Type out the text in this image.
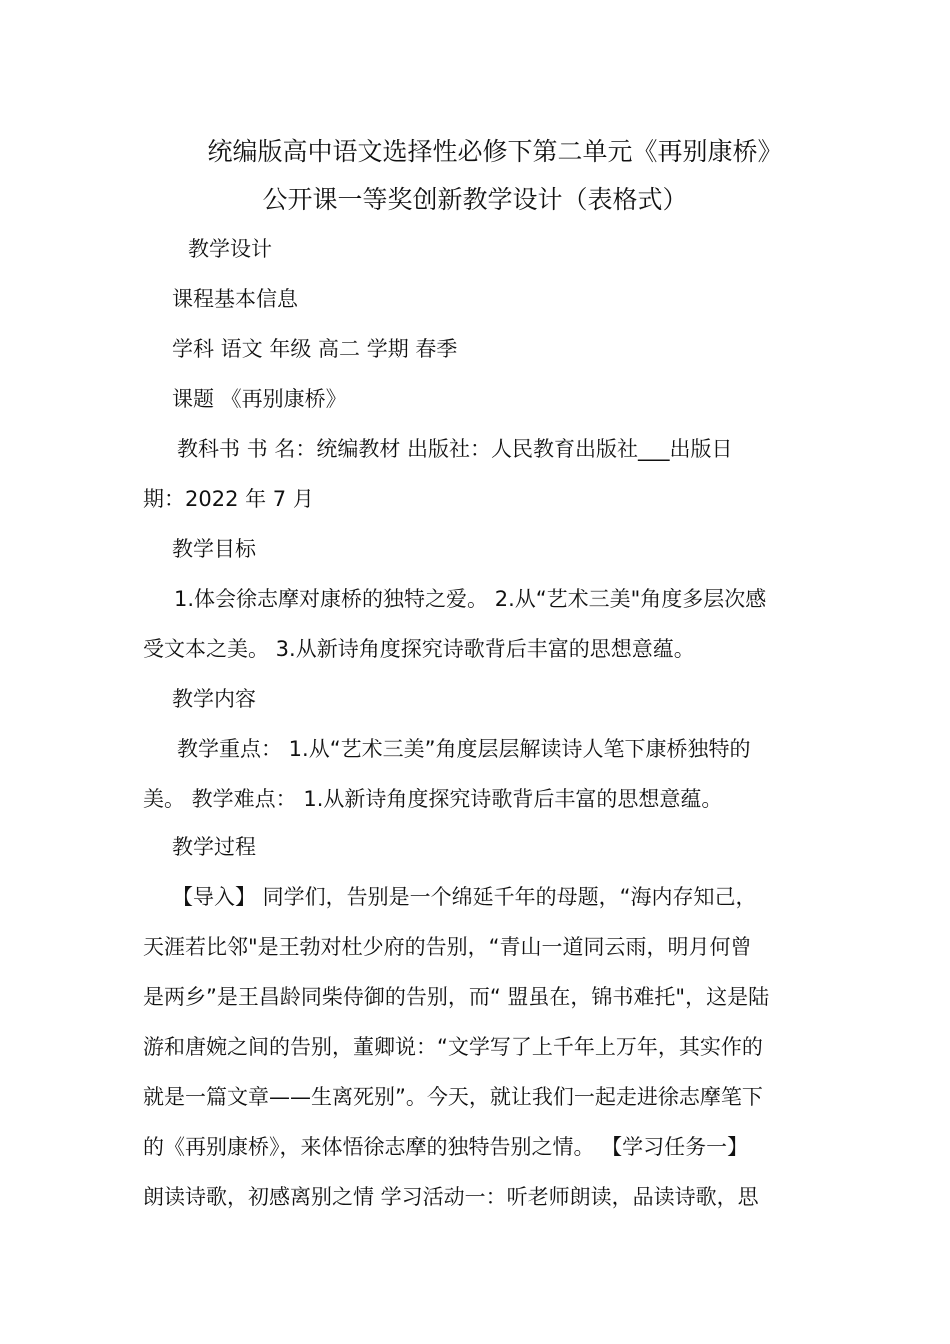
统编版高中语文选择性必修下第二单元《再别康桥》
公开课一等奖创新教学设计（表格式）
教学设计
课程基本信息
学科 语文 年级 高二 学期 春季
课题 《再别康桥》
教科书 书 名：统编教材 出版社：人民教育出版社___出版日
期：2022 年 7 月
教学目标
1.体会徐志摩对康桥的独特之爱。 2.从“艺术三美"角度多层次感
受文本之美。 3.从新诗角度探究诗歌背后丰富的思想意蕴。
教学内容
教学重点： 1.从“艺术三美”角度层层解读诗人笔下康桥独特的
美。 教学难点： 1.从新诗角度探究诗歌背后丰富的思想意蕴。
教学过程
【导入】 同学们，告别是一个绵延千年的母题，“海内存知己，
天涯若比邻"是王勃对杜少府的告别，“青山一道同云雨，明月何曾
是两乡”是王昌龄同柴侍御的告别，而“ 盟虽在，锦书难托"，这是陆
游和唐婉之间的告别，董卿说：“文学写了上千年上万年，其实作的
就是一篇文章——生离死别”。今天，就让我们一起走进徐志摩笔下
的《再别康桥》，来体悟徐志摩的独特告别之情。 【学习任务一】
朗读诗歌，初感离别之情 学习活动一：听老师朗读，品读诗歌，思
